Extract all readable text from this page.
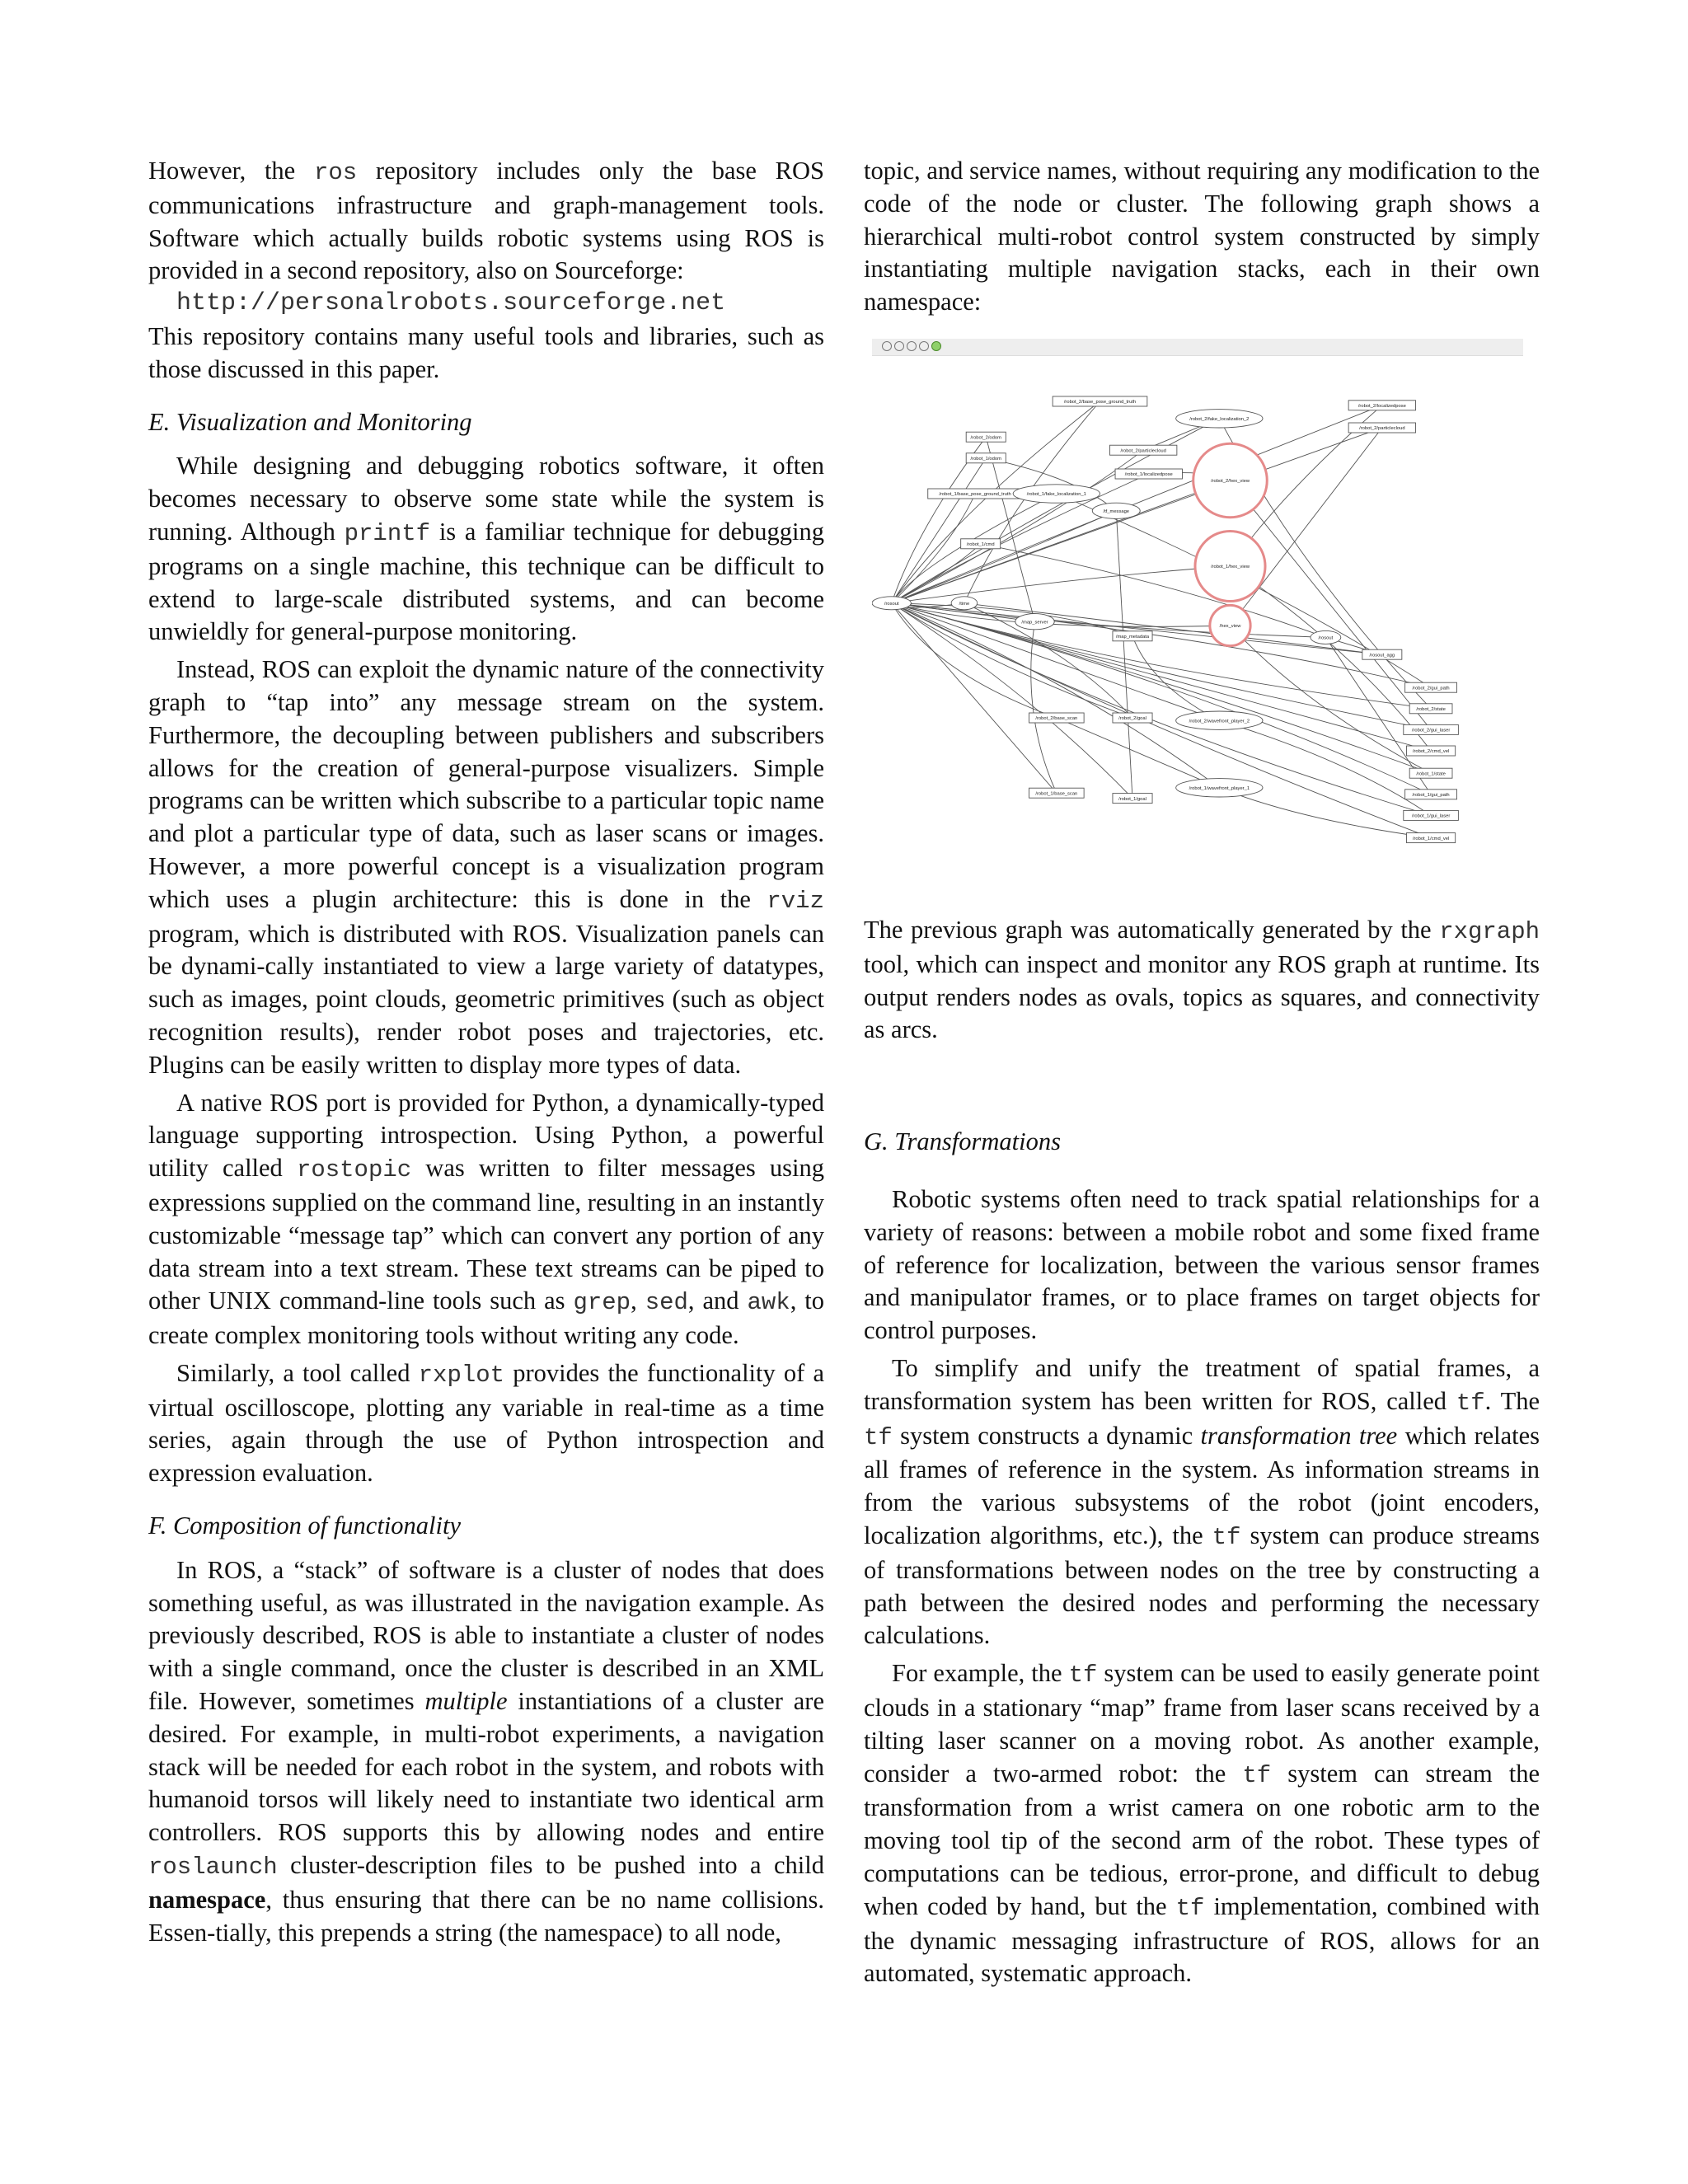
However, the ros repository includes only the base ROS communications infrastructure and graph-management tools. Software which actually builds robotic systems using ROS is provided in a second repository, also on Sourceforge:

http://personalrobots.sourceforge.net

This repository contains many useful tools and libraries, such as those discussed in this paper.

E. Visualization and Monitoring

While designing and debugging robotics software, it often becomes necessary to observe some state while the system is running. Although printf is a familiar technique for debugging programs on a single machine, this technique can be difficult to extend to large-scale distributed systems, and can become unwieldly for general-purpose monitoring.

Instead, ROS can exploit the dynamic nature of the connectivity graph to “tap into” any message stream on the system. Furthermore, the decoupling between publishers and subscribers allows for the creation of general-purpose visualizers. Simple programs can be written which subscribe to a particular topic name and plot a particular type of data, such as laser scans or images. However, a more powerful concept is a visualization program which uses a plugin architecture: this is done in the rviz program, which is distributed with ROS. Visualization panels can be dynami-cally instantiated to view a large variety of datatypes, such as images, point clouds, geometric primitives (such as object recognition results), render robot poses and trajectories, etc. Plugins can be easily written to display more types of data.

A native ROS port is provided for Python, a dynamically-typed language supporting introspection. Using Python, a powerful utility called rostopic was written to filter messages using expressions supplied on the command line, resulting in an instantly customizable “message tap” which can convert any portion of any data stream into a text stream. These text streams can be piped to other UNIX command-line tools such as grep, sed, and awk, to create complex monitoring tools without writing any code.

Similarly, a tool called rxplot provides the functionality of a virtual oscilloscope, plotting any variable in real-time as a time series, again through the use of Python introspection and expression evaluation.

F. Composition of functionality

In ROS, a “stack” of software is a cluster of nodes that does something useful, as was illustrated in the navigation example. As previously described, ROS is able to instantiate a cluster of nodes with a single command, once the cluster is described in an XML file. However, sometimes multiple instantiations of a cluster are desired. For example, in multi-robot experiments, a navigation stack will be needed for each robot in the system, and robots with humanoid torsos will likely need to instantiate two identical arm controllers. ROS supports this by allowing nodes and entire roslaunch cluster-description files to be pushed into a child namespace, thus ensuring that there can be no name collisions. Essen-tially, this prepends a string (the namespace) to all node,

topic, and service names, without requiring any modification to the code of the node or cluster. The following graph shows a hierarchical multi-robot control system constructed by simply instantiating multiple navigation stacks, each in their own namespace:

/robot_2/base_pose_ground_truth
/robot_2/odom
/robot_1/odom
/robot_1/base_pose_ground_truth
/robot_2/particlecloud
/robot_1/localizedpose
/robot_2/localizedpose
/robot_2/particlecloud
/robot_1/cmd
/map_metadata
/robot_2/base_scan	/robot_2/goal
/robot_1/base_scan
/robot_1/goal
/robot_2/gui_path
/robot_2/state
/robot_2/gui_laser
/robot_2/cmd_vel
/robot_1/state
/robot_1/gui_path
/robot_1/gui_laser
/robot_1/cmd_vel
/rosout_agg
/rosout	/time
/map_server
/tf_message
/robot_1/fake_localization_1
/robot_2/fake_localization_2
/robot_2/hex_view
/robot_1/hex_view
/hex_view
/rosout
/robot_2/wavefront_player_2
/robot_1/wavefront_player_1

The previous graph was automatically generated by the rxgraph tool, which can inspect and monitor any ROS graph at runtime. Its output renders nodes as ovals, topics as squares, and connectivity as arcs.

G. Transformations

Robotic systems often need to track spatial relationships for a variety of reasons: between a mobile robot and some fixed frame of reference for localization, between the various sensor frames and manipulator frames, or to place frames on target objects for control purposes.

To simplify and unify the treatment of spatial frames, a transformation system has been written for ROS, called tf. The tf system constructs a dynamic transformation tree which relates all frames of reference in the system. As information streams in from the various subsystems of the robot (joint encoders, localization algorithms, etc.), the tf system can produce streams of transformations between nodes on the tree by constructing a path between the desired nodes and performing the necessary calculations.

For example, the tf system can be used to easily generate point clouds in a stationary “map” frame from laser scans received by a tilting laser scanner on a moving robot. As another example, consider a two-armed robot: the tf system can stream the transformation from a wrist camera on one robotic arm to the moving tool tip of the second arm of the robot. These types of computations can be tedious, error-prone, and difficult to debug when coded by hand, but the tf implementation, combined with the dynamic messaging infrastructure of ROS, allows for an automated, systematic approach.
